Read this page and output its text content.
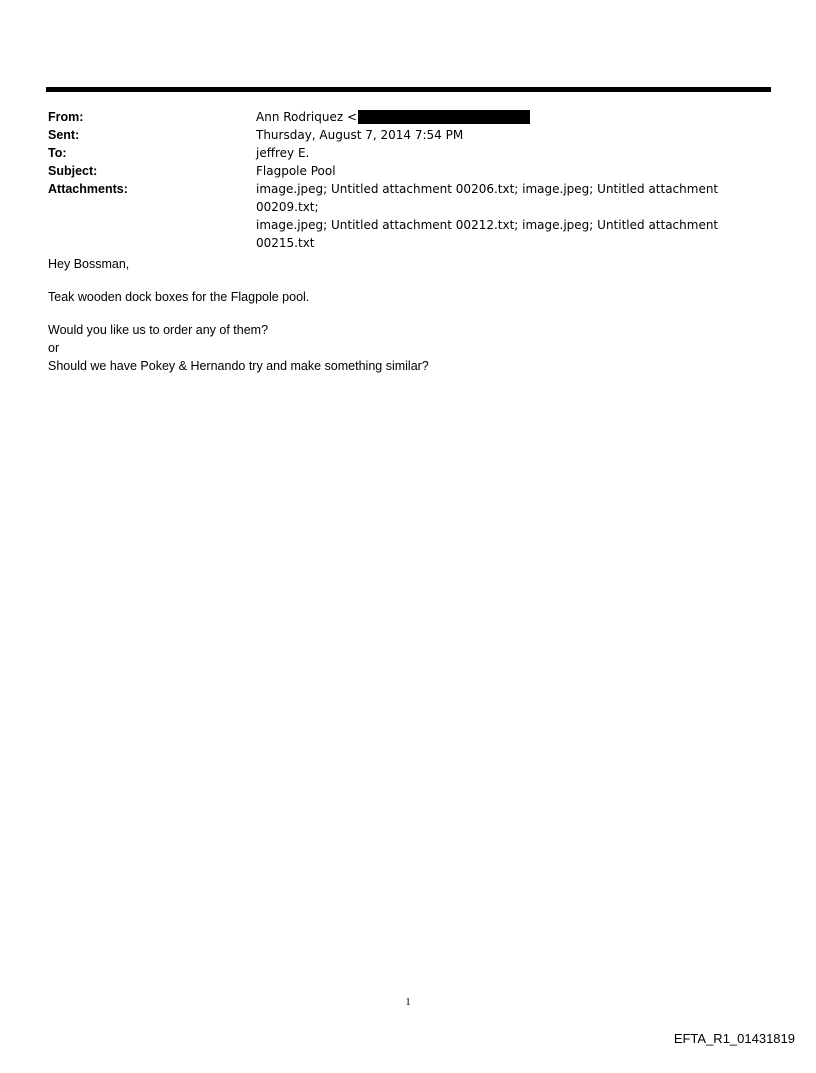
From:	Ann Rodriquez <
Sent:	Thursday, August 7, 2014 7:54 PM
To:	jeffrey E.
Subject:	Flagpole Pool
Attachments:	image.jpeg; Untitled attachment 00206.txt; image.jpeg; Untitled attachment 00209.txt;
image.jpeg; Untitled attachment 00212.txt; image.jpeg; Untitled attachment 00215.txt

Hey Bossman,

Teak wooden dock boxes for the Flagpole pool.

Would you like us to order any of them?

or

Should we have Pokey & Hernando try and make something similar?

1
EFTA_R1_01431819
